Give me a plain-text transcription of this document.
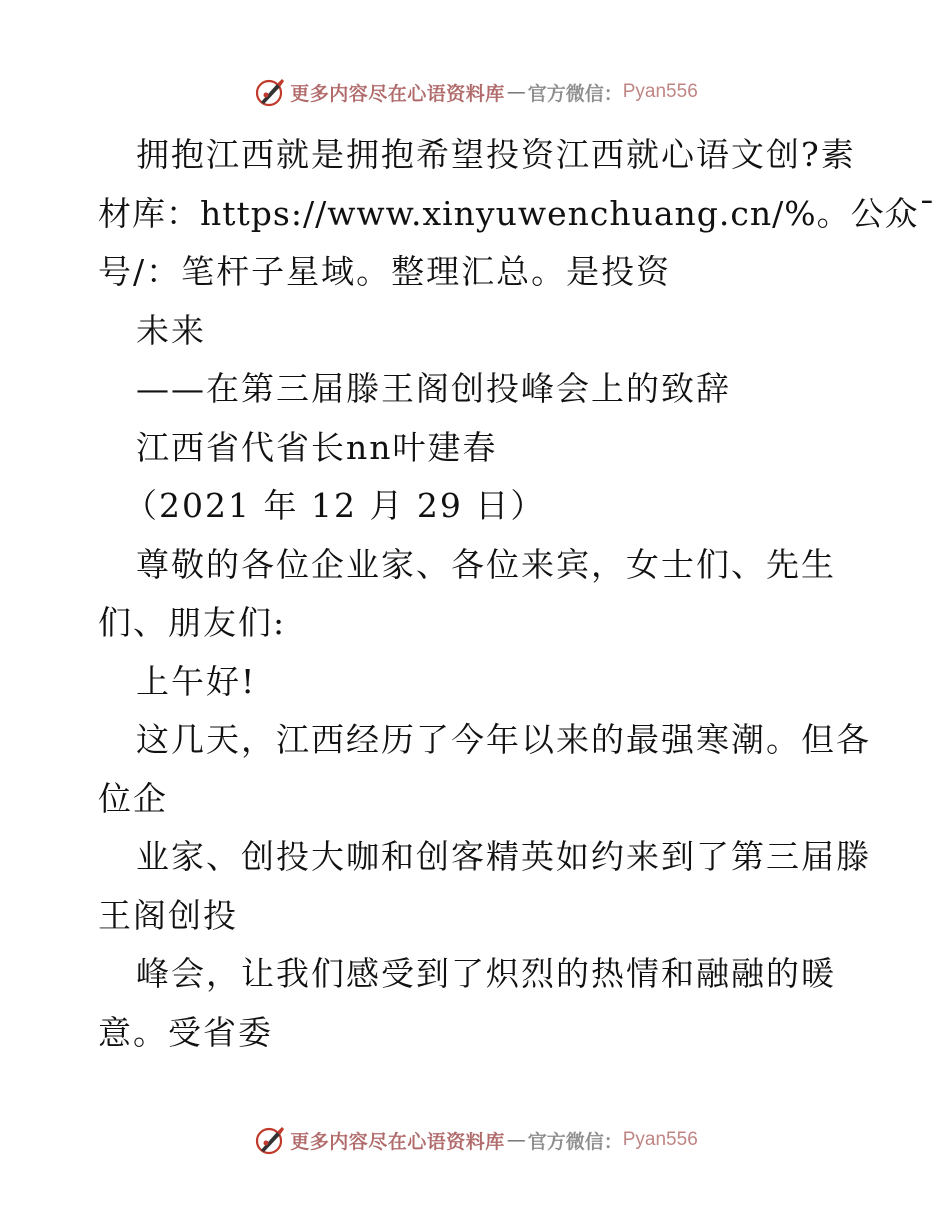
更多内容尽在心语资料库 — 官方微信： Pyan556

拥抱江西就是拥抱希望投资江西就心语文创?素

材库：https://www.xinyuwenchuang.cn/%。公众¯

号/：笔杆子星域。整理汇总。是投资

未来

——在第三届滕王阁创投峰会上的致辞

江西省代省长nn叶建春

（2021 年 12 月 29 日）

尊敬的各位企业家、各位来宾，女士们、先生

们、朋友们:

上午好!

这几天，江西经历了今年以来的最强寒潮。但各

位企

业家、创投大咖和创客精英如约来到了第三届滕

王阁创投

峰会，让我们感受到了炽烈的热情和融融的暖

意。受省委

更多内容尽在心语资料库 — 官方微信： Pyan556
